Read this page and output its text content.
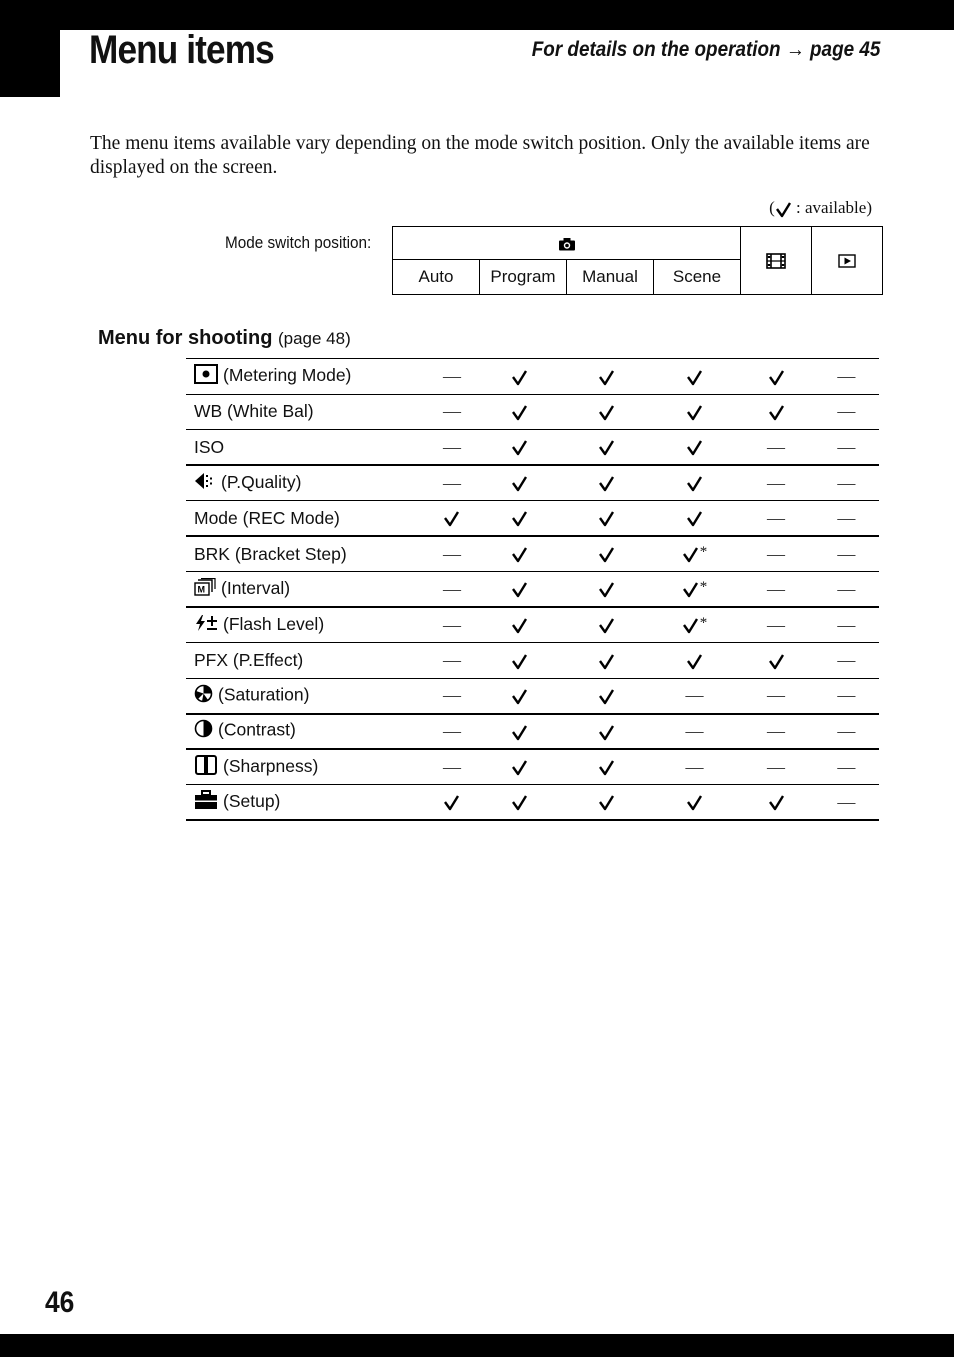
Menu items	For details on the operation → page 45
The menu items available vary depending on the mode switch position. Only the available items are displayed on the screen.
(
: available)
Mode switch position:

Auto	Program	Manual	Scene		
Menu for shooting (page 48)
(Metering Mode)	—					—
WB (White Bal)	—					—
ISO	—				—	—
(P.Quality)	—				—	—
Mode (REC Mode)					—	—
BRK (Bracket Step)	—			*	—	—

M (Interval)	—			*	—	—
(Flash Level)	—			*	—	—
PFX (P.Effect)	—					—
(Saturation)	—			—	—	—
(Contrast)	—			—	—	—
(Sharpness)	—			—	—	—
(Setup)						—
46
